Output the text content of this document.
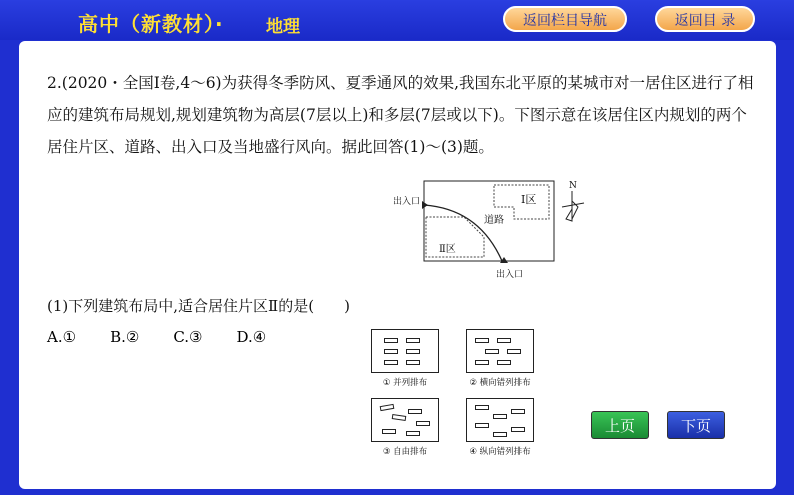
高中（新教材）· 地理	返回栏目导航	返回目 录
2.(2020・全国Ⅰ卷,4～6)为获得冬季防风、夏季通风的效果,我国东北平原的某城市对一居住区进行了相应的建筑布局规划,规划建筑物为高层(7层以上)和多层(7层或以下)。下图示意在该居住区内规划的两个居住片区、道路、出入口及当地盛行风向。据此回答(1)～(3)题。
出入口
出入口
Ⅰ区
Ⅱ区
道路
N
(1)下列建筑布局中,适合居住片区Ⅱ的是(　　)
A.① B.② C.③ D.④
① 并列排布	② 横向错列排布
③ 自由排布	④ 纵向错列排布
上页	下页
